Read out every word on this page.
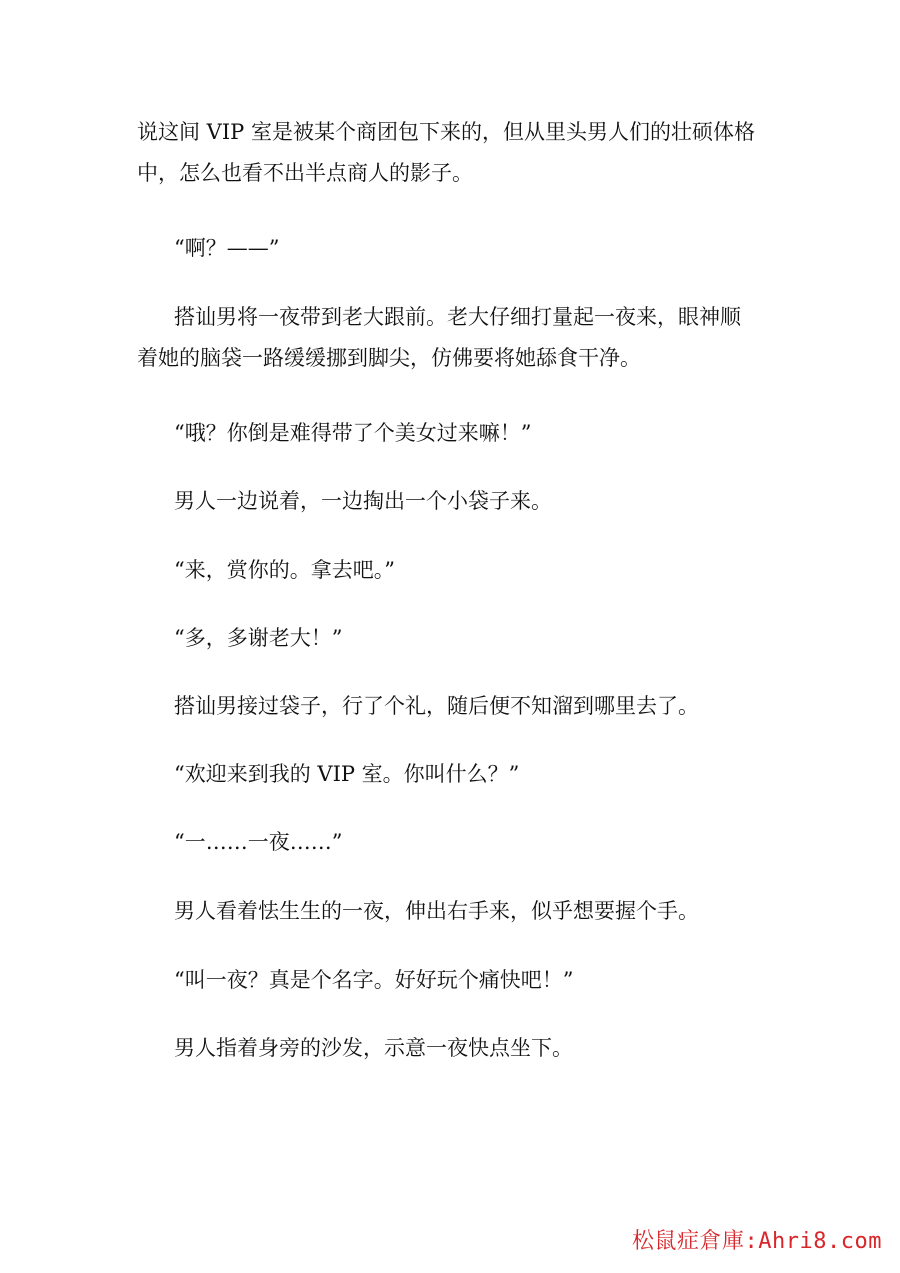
说这间 VIP 室是被某个商团包下来的，但从里头男人们的壮硕体格
中，怎么也看不出半点商人的影子。
“啊？——”
搭讪男将一夜带到老大跟前。老大仔细打量起一夜来，眼神顺
着她的脑袋一路缓缓挪到脚尖，仿佛要将她舔食干净。
“哦？你倒是难得带了个美女过来嘛！”
男人一边说着，一边掏出一个小袋子来。
“来，赏你的。拿去吧。”
“多，多谢老大！”
搭讪男接过袋子，行了个礼，随后便不知溜到哪里去了。
“欢迎来到我的 VIP 室。你叫什么？”
“一……一夜……”
男人看着怯生生的一夜，伸出右手来，似乎想要握个手。
“叫一夜？真是个名字。好好玩个痛快吧！”
男人指着身旁的沙发，示意一夜快点坐下。
松鼠症倉庫:Ahri8.com
